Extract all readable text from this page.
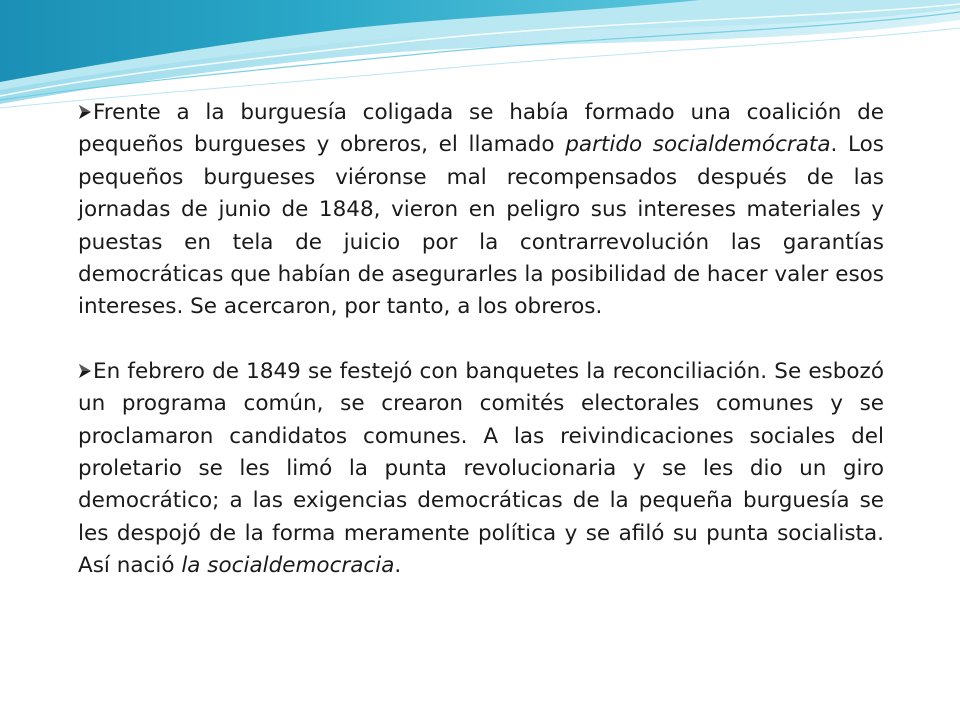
Frente a la burguesía coligada se había formado una coalición de pequeños burgueses y obreros, el llamado partido socialdemócrata. Los pequeños burgueses viéronse mal recompensados después de las jornadas de junio de 1848, vieron en peligro sus intereses materiales y puestas en tela de juicio por la contrarrevolución las garantías democráticas que habían de asegurarles la posibilidad de hacer valer esos intereses. Se acercaron, por tanto, a los obreros.

En febrero de 1849 se festejó con banquetes la reconciliación. Se esbozó un programa común, se crearon comités electorales comunes y se proclamaron candidatos comunes. A las reivindicaciones sociales del proletario se les limó la punta revolucionaria y se les dio un giro democrático; a las exigencias democráticas de la pequeña burguesía se les despojó de la forma meramente política y se afiló su punta socialista. Así nació la socialdemocracia.
